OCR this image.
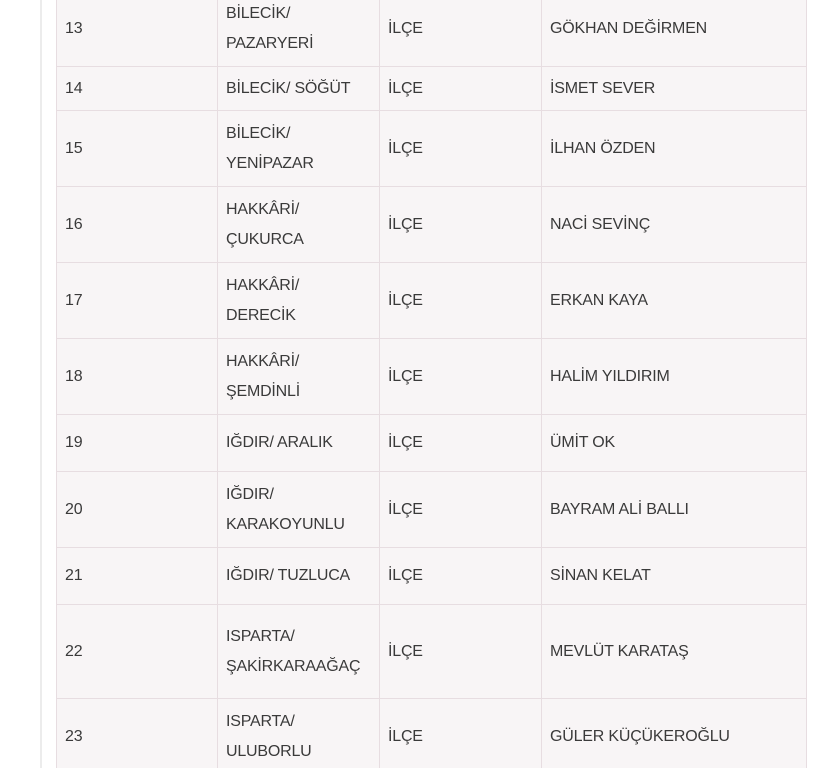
13	BİLECİK/ PAZARYERİ	İLÇE	GÖKHAN DEĞİRMEN
14	BİLECİK/ SÖĞÜT	İLÇE	İSMET SEVER
15	BİLECİK/ YENİPAZAR	İLÇE	İLHAN ÖZDEN
16	HAKKÂRİ/ ÇUKURCA	İLÇE	NACİ SEVİNÇ
17	HAKKÂRİ/ DERECİK	İLÇE	ERKAN KAYA
18	HAKKÂRİ/ ŞEMDİNLİ	İLÇE	HALİM YILDIRIM
19	IĞDIR/ ARALIK	İLÇE	ÜMİT OK
20	IĞDIR/ KARAKOYUNLU	İLÇE	BAYRAM ALİ BALLI
21	IĞDIR/ TUZLUCA	İLÇE	SİNAN KELAT
22	ISPARTA/ ŞAKİRKARAAĞAÇ	İLÇE	MEVLÜT KARATAŞ
23	ISPARTA/ ULUBORLU	İLÇE	GÜLER KÜÇÜKEROĞLU
